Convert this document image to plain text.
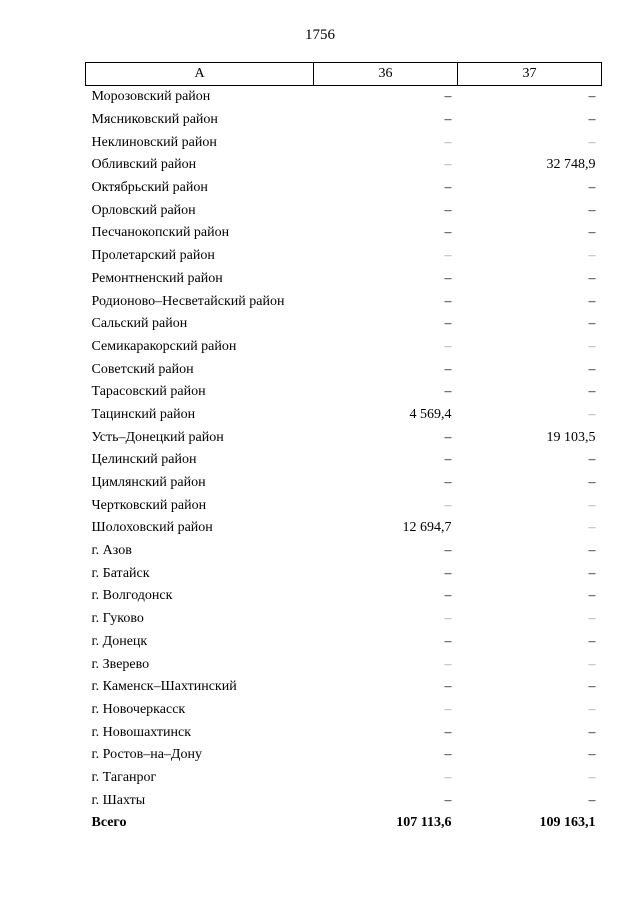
1756
А	36	37
Морозовский район	–	–
Мясниковский район	–	–
Неклиновский район	–	–
Обливский район	–	32 748,9
Октябрьский район	–	–
Орловский район	–	–
Песчанокопский район	–	–
Пролетарский район	–	–
Ремонтненский район	–	–
Родионово–Несветайский район	–	–
Сальский район	–	–
Семикаракорский район	–	–
Советский район	–	–
Тарасовский район	–	–
Тацинский район	4 569,4	–
Усть–Донецкий район	–	19 103,5
Целинский район	–	–
Цимлянский район	–	–
Чертковский район	–	–
Шолоховский район	12 694,7	–
г. Азов	–	–
г. Батайск	–	–
г. Волгодонск	–	–
г. Гуково	–	–
г. Донецк	–	–
г. Зверево	–	–
г. Каменск–Шахтинский	–	–
г. Новочеркасск	–	–
г. Новошахтинск	–	–
г. Ростов–на–Дону	–	–
г. Таганрог	–	–
г. Шахты	–	–
Всего	107 113,6	109 163,1
